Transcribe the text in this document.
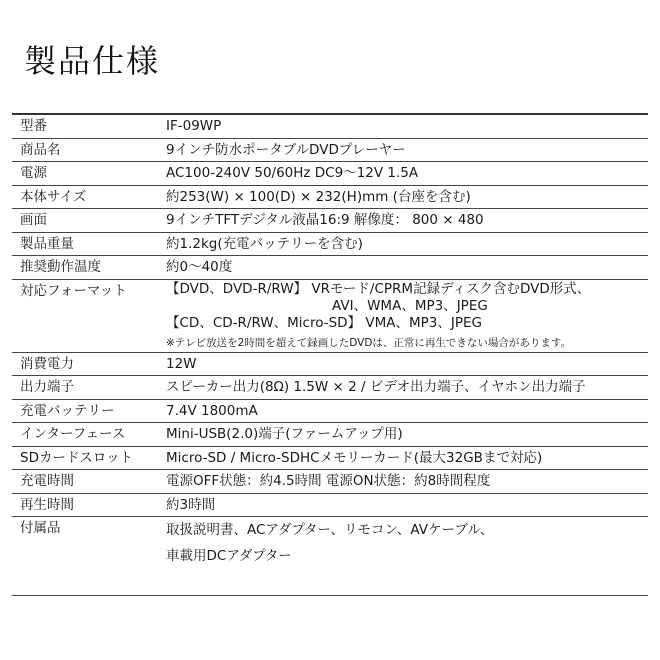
製品仕様
型番	IF-09WP
商品名	9インチ防水ポータブルDVDプレーヤー
電源	AC100-240V 50/60Hz DC9～12V 1.5A
本体サイズ	約253(W) × 100(D) × 232(H)mm (台座を含む)
画面	9インチTFTデジタル液晶16:9 解像度： 800 × 480
製品重量	約1.2kg(充電バッテリーを含む)
推奨動作温度	約0～40度
対応フォーマット	【DVD、DVD-R/RW】 VRモード/CPRM記録ディスク含むDVD形式、
AVI、WMA、MP3、JPEG
【CD、CD-R/RW、Micro-SD】 VMA、MP3、JPEG
※テレビ放送を2時間を超えて録画したDVDは、正常に再生できない場合があります。
消費電力	12W
出力端子	スピーカー出力(8Ω) 1.5W × 2 / ビデオ出力端子、イヤホン出力端子
充電バッテリー	7.4V 1800mA
インターフェース	Mini-USB(2.0)端子(ファームアップ用)
SDカードスロット	Micro-SD / Micro-SDHCメモリーカード(最大32GBまで対応)
充電時間	電源OFF状態：約4.5時間 電源ON状態：約8時間程度
再生時間	約3時間
付属品	取扱説明書、ACアダプター、リモコン、AVケーブル、
車載用DCアダプター
